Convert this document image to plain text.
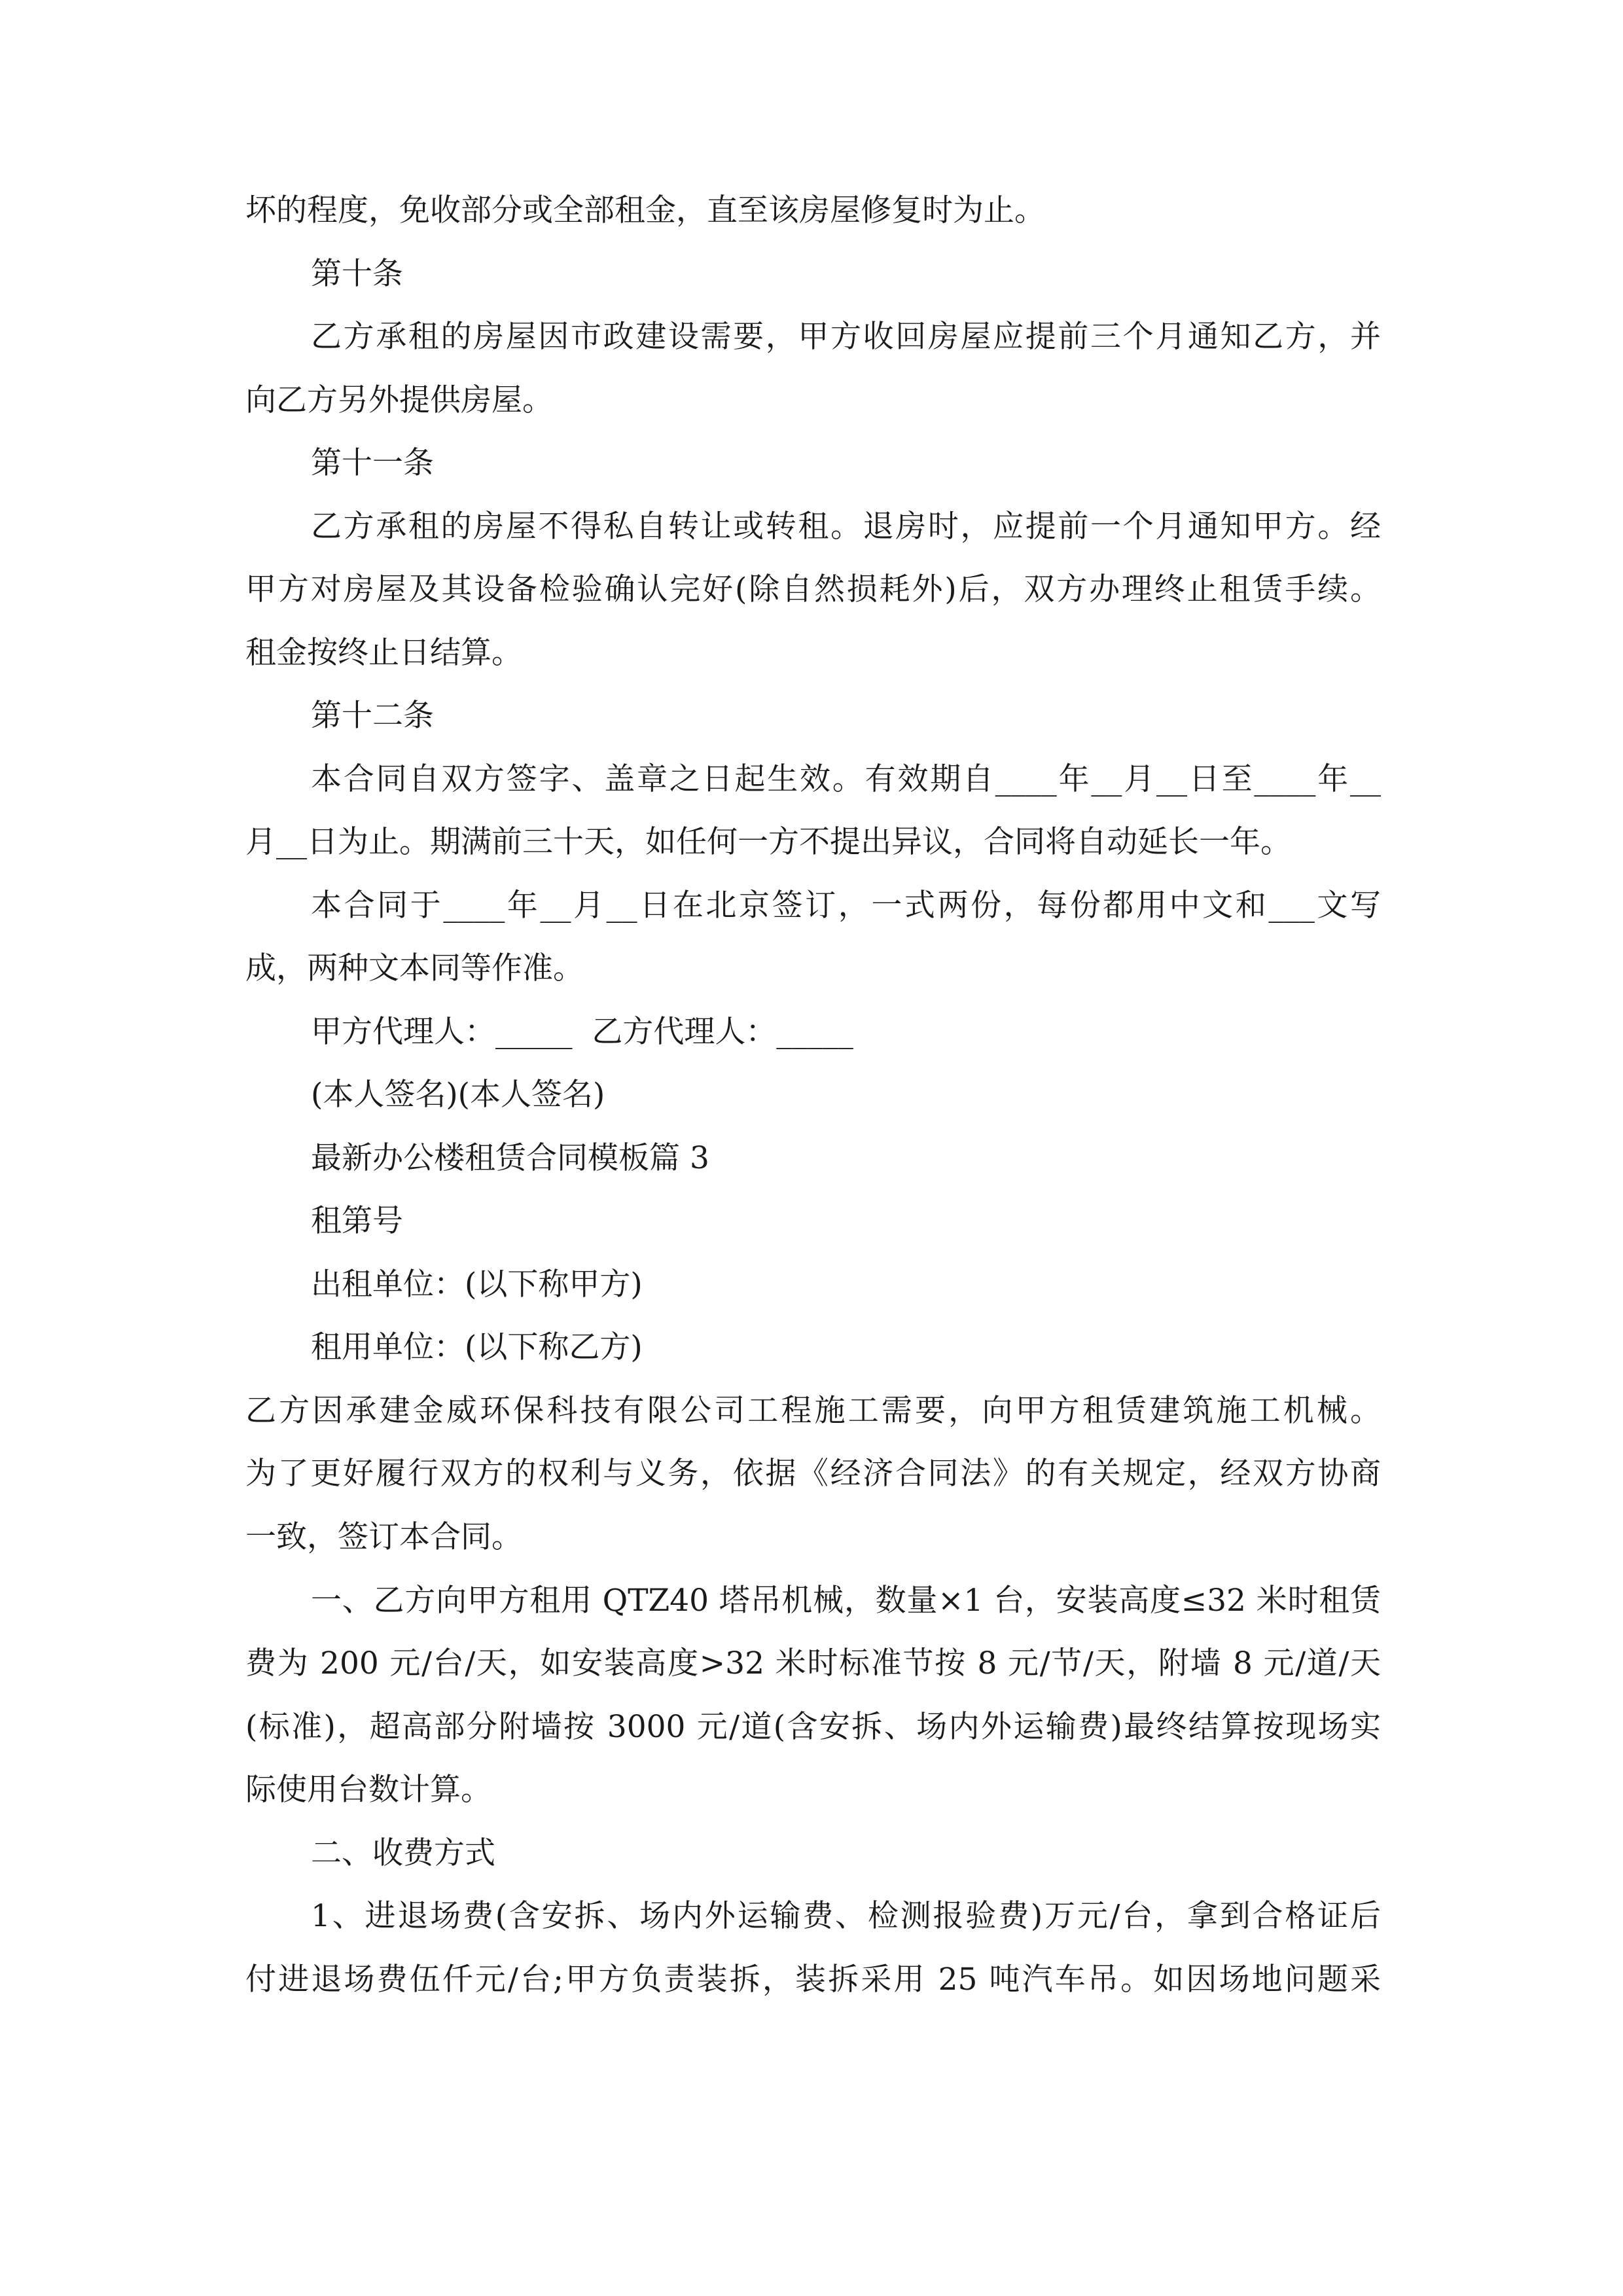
坏的程度，免收部分或全部租金，直至该房屋修复时为止。
第十条
乙方承租的房屋因市政建设需要，甲方收回房屋应提前三个月通知乙方，并
向乙方另外提供房屋。
第十一条
乙方承租的房屋不得私自转让或转租。退房时，应提前一个月通知甲方。经
甲方对房屋及其设备检验确认完好(除自然损耗外)后，双方办理终止租赁手续。
租金按终止日结算。
第十二条
本合同自双方签字、盖章之日起生效。有效期自____年__月__日至____年__
月__日为止。期满前三十天，如任何一方不提出异议，合同将自动延长一年。
本合同于____年__月__日在北京签订，一式两份，每份都用中文和___文写
成，两种文本同等作准。
甲方代理人：_____  乙方代理人：_____
(本人签名)(本人签名)
最新办公楼租赁合同模板篇 3
租第号
出租单位：(以下称甲方)
租用单位：(以下称乙方)
乙方因承建金威环保科技有限公司工程施工需要，向甲方租赁建筑施工机械。
为了更好履行双方的权利与义务，依据《经济合同法》的有关规定，经双方协商
一致，签订本合同。
一、乙方向甲方租用 QTZ40 塔吊机械，数量×1 台，安装高度≤32 米时租赁
费为 200 元/台/天，如安装高度>32 米时标准节按 8 元/节/天，附墙 8 元/道/天
(标准)，超高部分附墙按 3000 元/道(含安拆、场内外运输费)最终结算按现场实
际使用台数计算。
二、收费方式
1、进退场费(含安拆、场内外运输费、检测报验费)万元/台，拿到合格证后
付进退场费伍仟元/台;甲方负责装拆，装拆采用 25 吨汽车吊。如因场地问题采
